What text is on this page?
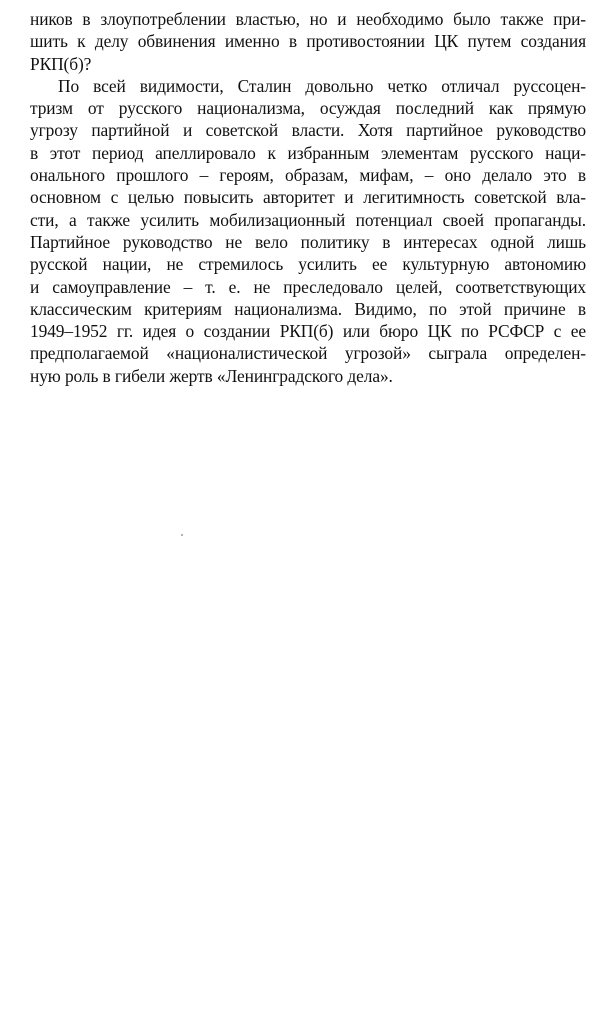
ников в злоупотреблении властью, но и необходимо было также при-
шить к делу обвинения именно в противостоянии ЦК путем создания
РКП(б)?
По всей видимости, Сталин довольно четко отличал руссоцен-
тризм от русского национализма, осуждая последний как прямую
угрозу партийной и советской власти. Хотя партийное руководство
в этот период апеллировало к избранным элементам русского наци-
онального прошлого – героям, образам, мифам, – оно делало это в
основном с целью повысить авторитет и легитимность советской вла-
сти, а также усилить мобилизационный потенциал своей пропаганды.
Партийное руководство не вело политику в интересах одной лишь
русской нации, не стремилось усилить ее культурную автономию
и самоуправление – т. е. не преследовало целей, соответствующих
классическим критериям национализма. Видимо, по этой причине в
1949–1952 гг. идея о создании РКП(б) или бюро ЦК по РСФСР с ее
предполагаемой «националистической угрозой» сыграла определен-
ную роль в гибели жертв «Ленинградского дела».
